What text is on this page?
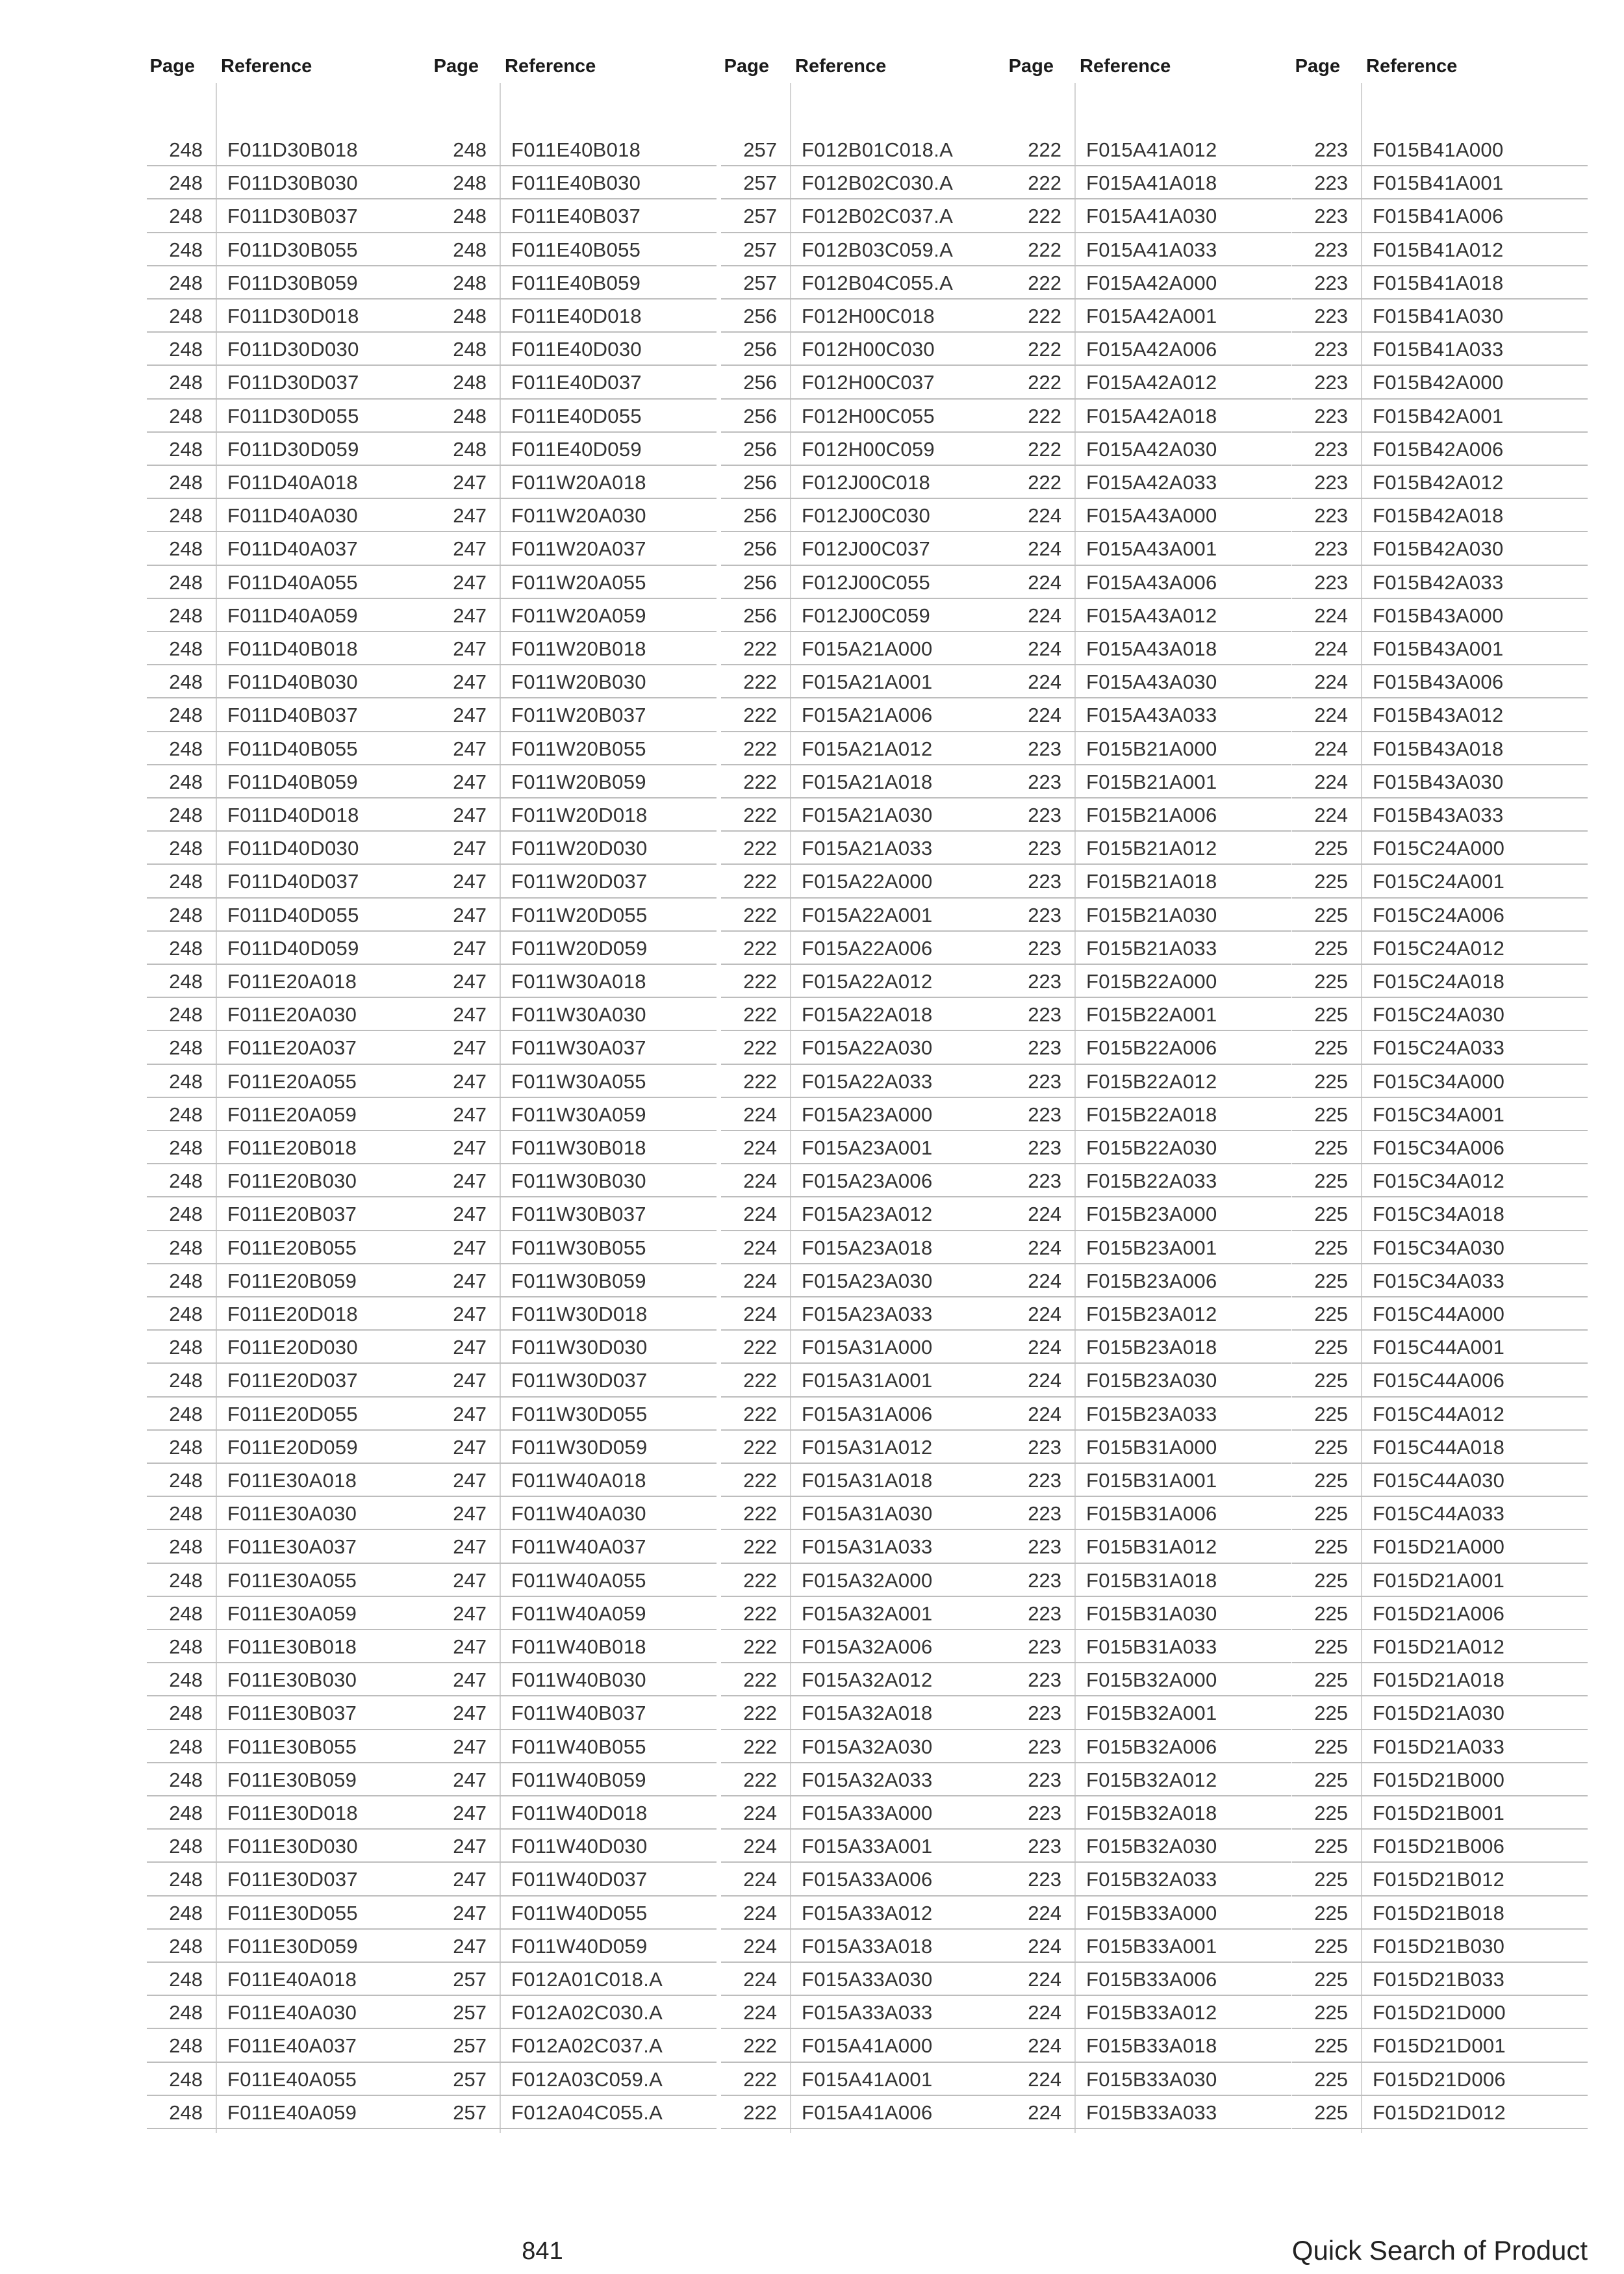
Page Reference
248 F011D30B018
248 F011D30B030
248 F011D30B037
248 F011D30B055
248 F011D30B059
248 F011D30D018
248 F011D30D030
248 F011D30D037
248 F011D30D055
248 F011D30D059
248 F011D40A018
248 F011D40A030
248 F011D40A037
248 F011D40A055
248 F011D40A059
248 F011D40B018
248 F011D40B030
248 F011D40B037
248 F011D40B055
248 F011D40B059
248 F011D40D018
248 F011D40D030
248 F011D40D037
248 F011D40D055
248 F011D40D059
248 F011E20A018
248 F011E20A030
248 F011E20A037
248 F011E20A055
248 F011E20A059
248 F011E20B018
248 F011E20B030
248 F011E20B037
248 F011E20B055
248 F011E20B059
248 F011E20D018
248 F011E20D030
248 F011E20D037
248 F011E20D055
248 F011E20D059
248 F011E30A018
248 F011E30A030
248 F011E30A037
248 F011E30A055
248 F011E30A059
248 F011E30B018
248 F011E30B030
248 F011E30B037
248 F011E30B055
248 F011E30B059
248 F011E30D018
248 F011E30D030
248 F011E30D037
248 F011E30D055
248 F011E30D059
248 F011E40A018
248 F011E40A030
248 F011E40A037
248 F011E40A055
248 F011E40A059
Page Reference
248 F011E40B018
248 F011E40B030
248 F011E40B037
248 F011E40B055
248 F011E40B059
248 F011E40D018
248 F011E40D030
248 F011E40D037
248 F011E40D055
248 F011E40D059
247 F011W20A018
247 F011W20A030
247 F011W20A037
247 F011W20A055
247 F011W20A059
247 F011W20B018
247 F011W20B030
247 F011W20B037
247 F011W20B055
247 F011W20B059
247 F011W20D018
247 F011W20D030
247 F011W20D037
247 F011W20D055
247 F011W20D059
247 F011W30A018
247 F011W30A030
247 F011W30A037
247 F011W30A055
247 F011W30A059
247 F011W30B018
247 F011W30B030
247 F011W30B037
247 F011W30B055
247 F011W30B059
247 F011W30D018
247 F011W30D030
247 F011W30D037
247 F011W30D055
247 F011W30D059
247 F011W40A018
247 F011W40A030
247 F011W40A037
247 F011W40A055
247 F011W40A059
247 F011W40B018
247 F011W40B030
247 F011W40B037
247 F011W40B055
247 F011W40B059
247 F011W40D018
247 F011W40D030
247 F011W40D037
247 F011W40D055
247 F011W40D059
257 F012A01C018.A
257 F012A02C030.A
257 F012A02C037.A
257 F012A03C059.A
257 F012A04C055.A
Page Reference
257 F012B01C018.A
257 F012B02C030.A
257 F012B02C037.A
257 F012B03C059.A
257 F012B04C055.A
256 F012H00C018
256 F012H00C030
256 F012H00C037
256 F012H00C055
256 F012H00C059
256 F012J00C018
256 F012J00C030
256 F012J00C037
256 F012J00C055
256 F012J00C059
222 F015A21A000
222 F015A21A001
222 F015A21A006
222 F015A21A012
222 F015A21A018
222 F015A21A030
222 F015A21A033
222 F015A22A000
222 F015A22A001
222 F015A22A006
222 F015A22A012
222 F015A22A018
222 F015A22A030
222 F015A22A033
224 F015A23A000
224 F015A23A001
224 F015A23A006
224 F015A23A012
224 F015A23A018
224 F015A23A030
224 F015A23A033
222 F015A31A000
222 F015A31A001
222 F015A31A006
222 F015A31A012
222 F015A31A018
222 F015A31A030
222 F015A31A033
222 F015A32A000
222 F015A32A001
222 F015A32A006
222 F015A32A012
222 F015A32A018
222 F015A32A030
222 F015A32A033
224 F015A33A000
224 F015A33A001
224 F015A33A006
224 F015A33A012
224 F015A33A018
224 F015A33A030
224 F015A33A033
222 F015A41A000
222 F015A41A001
222 F015A41A006
Page Reference
222 F015A41A012
222 F015A41A018
222 F015A41A030
222 F015A41A033
222 F015A42A000
222 F015A42A001
222 F015A42A006
222 F015A42A012
222 F015A42A018
222 F015A42A030
222 F015A42A033
224 F015A43A000
224 F015A43A001
224 F015A43A006
224 F015A43A012
224 F015A43A018
224 F015A43A030
224 F015A43A033
223 F015B21A000
223 F015B21A001
223 F015B21A006
223 F015B21A012
223 F015B21A018
223 F015B21A030
223 F015B21A033
223 F015B22A000
223 F015B22A001
223 F015B22A006
223 F015B22A012
223 F015B22A018
223 F015B22A030
223 F015B22A033
224 F015B23A000
224 F015B23A001
224 F015B23A006
224 F015B23A012
224 F015B23A018
224 F015B23A030
224 F015B23A033
223 F015B31A000
223 F015B31A001
223 F015B31A006
223 F015B31A012
223 F015B31A018
223 F015B31A030
223 F015B31A033
223 F015B32A000
223 F015B32A001
223 F015B32A006
223 F015B32A012
223 F015B32A018
223 F015B32A030
223 F015B32A033
224 F015B33A000
224 F015B33A001
224 F015B33A006
224 F015B33A012
224 F015B33A018
224 F015B33A030
224 F015B33A033
Page Reference
223 F015B41A000
223 F015B41A001
223 F015B41A006
223 F015B41A012
223 F015B41A018
223 F015B41A030
223 F015B41A033
223 F015B42A000
223 F015B42A001
223 F015B42A006
223 F015B42A012
223 F015B42A018
223 F015B42A030
223 F015B42A033
224 F015B43A000
224 F015B43A001
224 F015B43A006
224 F015B43A012
224 F015B43A018
224 F015B43A030
224 F015B43A033
225 F015C24A000
225 F015C24A001
225 F015C24A006
225 F015C24A012
225 F015C24A018
225 F015C24A030
225 F015C24A033
225 F015C34A000
225 F015C34A001
225 F015C34A006
225 F015C34A012
225 F015C34A018
225 F015C34A030
225 F015C34A033
225 F015C44A000
225 F015C44A001
225 F015C44A006
225 F015C44A012
225 F015C44A018
225 F015C44A030
225 F015C44A033
225 F015D21A000
225 F015D21A001
225 F015D21A006
225 F015D21A012
225 F015D21A018
225 F015D21A030
225 F015D21A033
225 F015D21B000
225 F015D21B001
225 F015D21B006
225 F015D21B012
225 F015D21B018
225 F015D21B030
225 F015D21B033
225 F015D21D000
225 F015D21D001
225 F015D21D006
225 F015D21D012
841	Quick Search of Product
